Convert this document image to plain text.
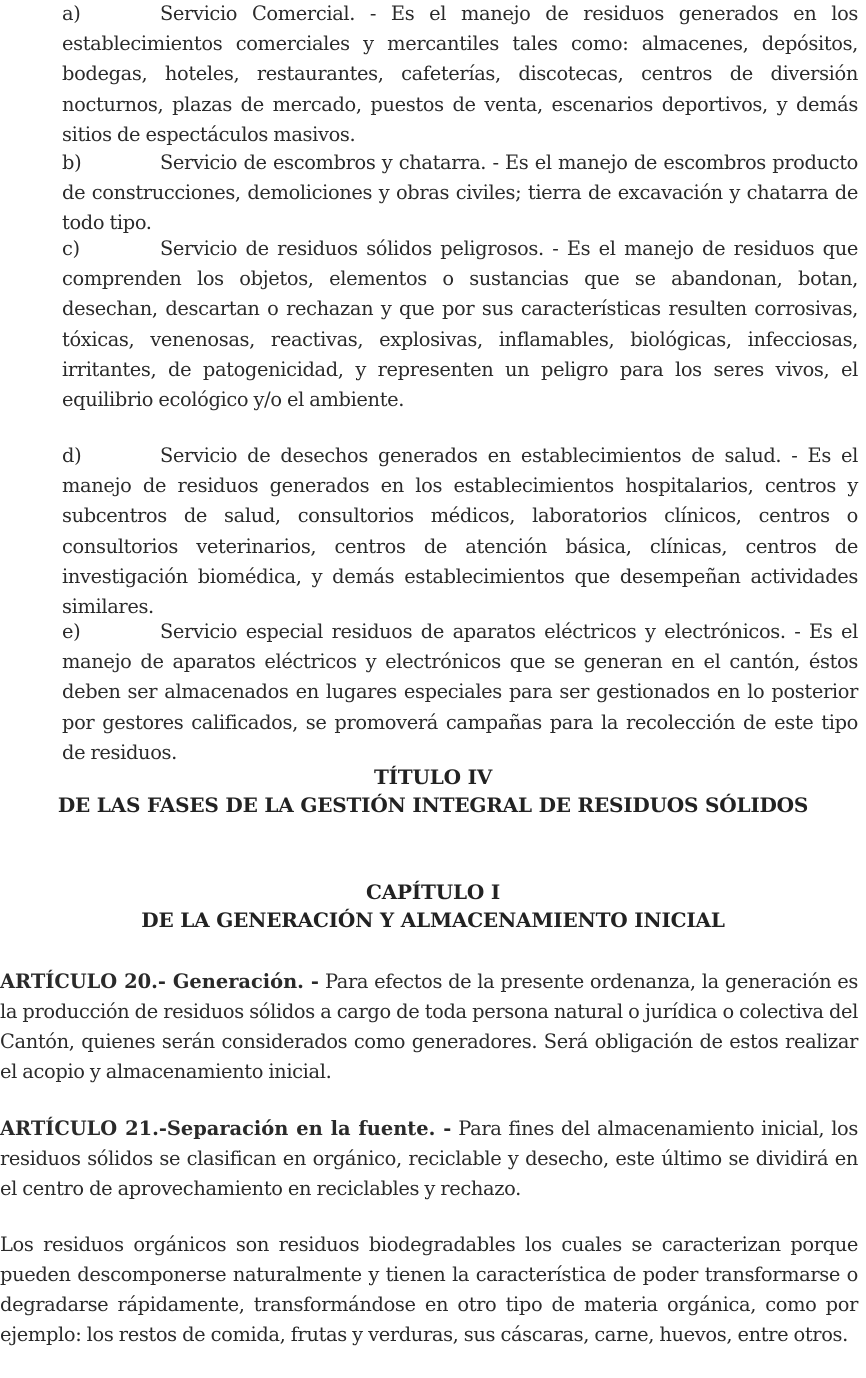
a)	Servicio Comercial. - Es el manejo de residuos generados en los establecimientos comerciales y mercantiles tales como: almacenes, depósitos, bodegas, hoteles, restaurantes, cafeterías, discotecas, centros de diversión nocturnos, plazas de mercado, puestos de venta, escenarios deportivos, y demás sitios de espectáculos masivos.
b)	Servicio de escombros y chatarra. - Es el manejo de escombros producto de construcciones, demoliciones y obras civiles; tierra de excavación y chatarra de todo tipo.
c)	Servicio de residuos sólidos peligrosos. - Es el manejo de residuos que comprenden los objetos, elementos o sustancias que se abandonan, botan, desechan, descartan o rechazan y que por sus características resulten corrosivas, tóxicas, venenosas, reactivas, explosivas, inflamables, biológicas, infecciosas, irritantes, de patogenicidad, y representen un peligro para los seres vivos, el equilibrio ecológico y/o el ambiente.
d)	Servicio de desechos generados en establecimientos de salud. - Es el manejo de residuos generados en los establecimientos hospitalarios, centros y subcentros de salud, consultorios médicos, laboratorios clínicos, centros o consultorios veterinarios, centros de atención básica, clínicas, centros de investigación biomédica, y demás establecimientos que desempeñan actividades similares.
e)	Servicio especial residuos de aparatos eléctricos y electrónicos. - Es el manejo de aparatos eléctricos y electrónicos que se generan en el cantón, éstos deben ser almacenados en lugares especiales para ser gestionados en lo posterior por gestores calificados, se promoverá campañas para la recolección de este tipo de residuos.
TÍTULO IV
DE LAS FASES DE LA GESTIÓN INTEGRAL DE RESIDUOS SÓLIDOS
CAPÍTULO I
DE LA GENERACIÓN Y ALMACENAMIENTO INICIAL
ARTÍCULO 20.- Generación. - Para efectos de la presente ordenanza, la generación es la producción de residuos sólidos a cargo de toda persona natural o jurídica o colectiva del Cantón, quienes serán considerados como generadores. Será obligación de estos realizar el acopio y almacenamiento inicial.
ARTÍCULO 21.-Separación en la fuente. - Para fines del almacenamiento inicial, los residuos sólidos se clasifican en orgánico, reciclable y desecho, este último se dividirá en el centro de aprovechamiento en reciclables y rechazo.
Los residuos orgánicos son residuos biodegradables los cuales se caracterizan porque pueden descomponerse naturalmente y tienen la característica de poder transformarse o degradarse rápidamente, transformándose en otro tipo de materia orgánica, como por ejemplo: los restos de comida, frutas y verduras, sus cáscaras, carne, huevos, entre otros.
